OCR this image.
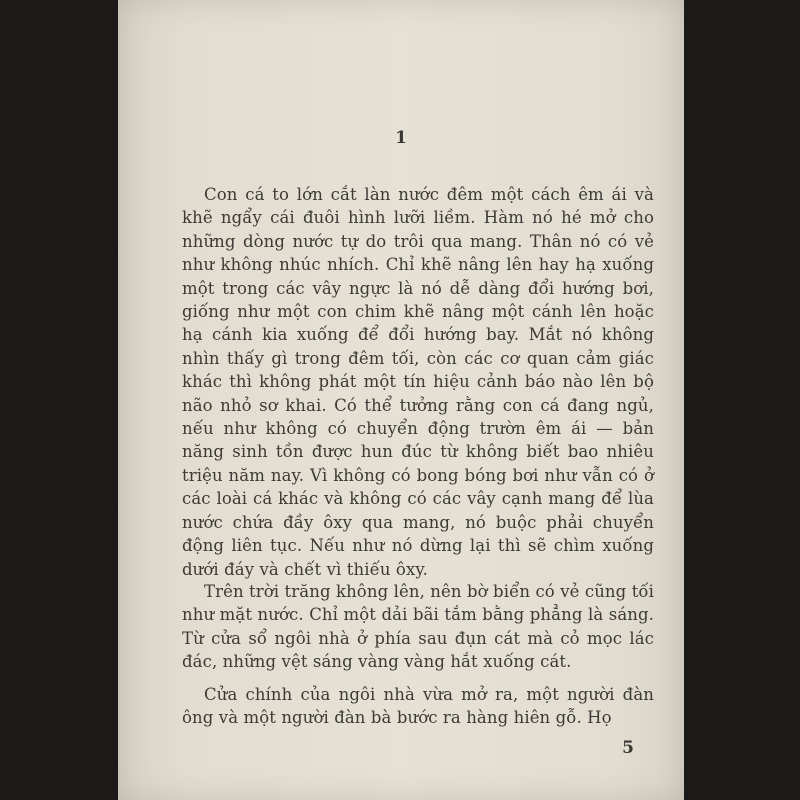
1

Con cá to lớn cắt làn nước đêm một cách êm ái và khẽ ngẩy cái đuôi hình lưỡi liềm. Hàm nó hé mở cho những dòng nước tự do trôi qua mang. Thân nó có vẻ như không nhúc nhích. Chỉ khẽ nâng lên hay hạ xuống một trong các vây ngực là nó dễ dàng đổi hướng bơi, giống như một con chim khẽ nâng một cánh lên hoặc hạ cánh kia xuống để đổi hướng bay. Mắt nó không nhìn thấy gì trong đêm tối, còn các cơ quan cảm giác khác thì không phát một tín hiệu cảnh báo nào lên bộ não nhỏ sơ khai. Có thể tưởng rằng con cá đang ngủ, nếu như không có chuyển động trườn êm ái — bản năng sinh tồn được hun đúc từ không biết bao nhiêu triệu năm nay. Vì không có bong bóng bơi như vẫn có ở các loài cá khác và không có các vây cạnh mang để lùa nước chứa đầy ôxy qua mang, nó buộc phải chuyển động liên tục. Nếu như nó dừng lại thì sẽ chìm xuống dưới đáy và chết vì thiếu ôxy.

Trên trời trăng không lên, nên bờ biển có vẻ cũng tối như mặt nước. Chỉ một dải bãi tắm bằng phẳng là sáng. Từ cửa sổ ngôi nhà ở phía sau đụn cát mà cỏ mọc lác đác, những vệt sáng vàng vàng hắt xuống cát.

Cửa chính của ngôi nhà vừa mở ra, một người đàn ông và một người đàn bà bước ra hàng hiên gỗ. Họ

5
